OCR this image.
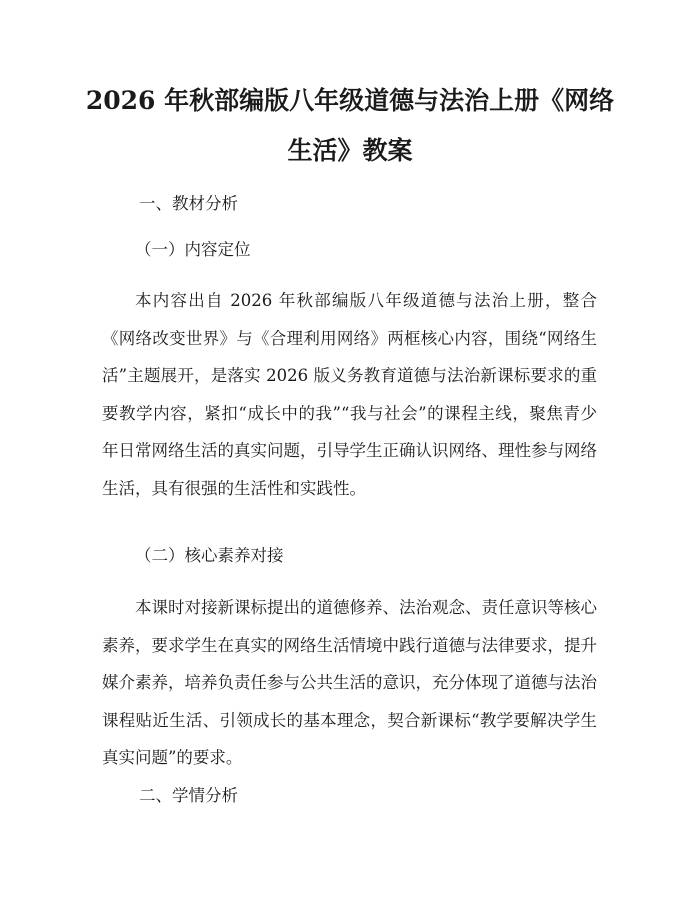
2026 年秋部编版八年级道德与法治上册《网络生活》教案

一、教材分析

（一）内容定位

本内容出自 2026 年秋部编版八年级道德与法治上册，整合《网络改变世界》与《合理利用网络》两框核心内容，围绕“网络生活”主题展开，是落实 2026 版义务教育道德与法治新课标要求的重要教学内容，紧扣“成长中的我”“我与社会”的课程主线，聚焦青少年日常网络生活的真实问题，引导学生正确认识网络、理性参与网络生活，具有很强的生活性和实践性。

（二）核心素养对接

本课时对接新课标提出的道德修养、法治观念、责任意识等核心素养，要求学生在真实的网络生活情境中践行道德与法律要求，提升媒介素养，培养负责任参与公共生活的意识，充分体现了道德与法治课程贴近生活、引领成长的基本理念，契合新课标“教学要解决学生真实问题”的要求。

二、学情分析
